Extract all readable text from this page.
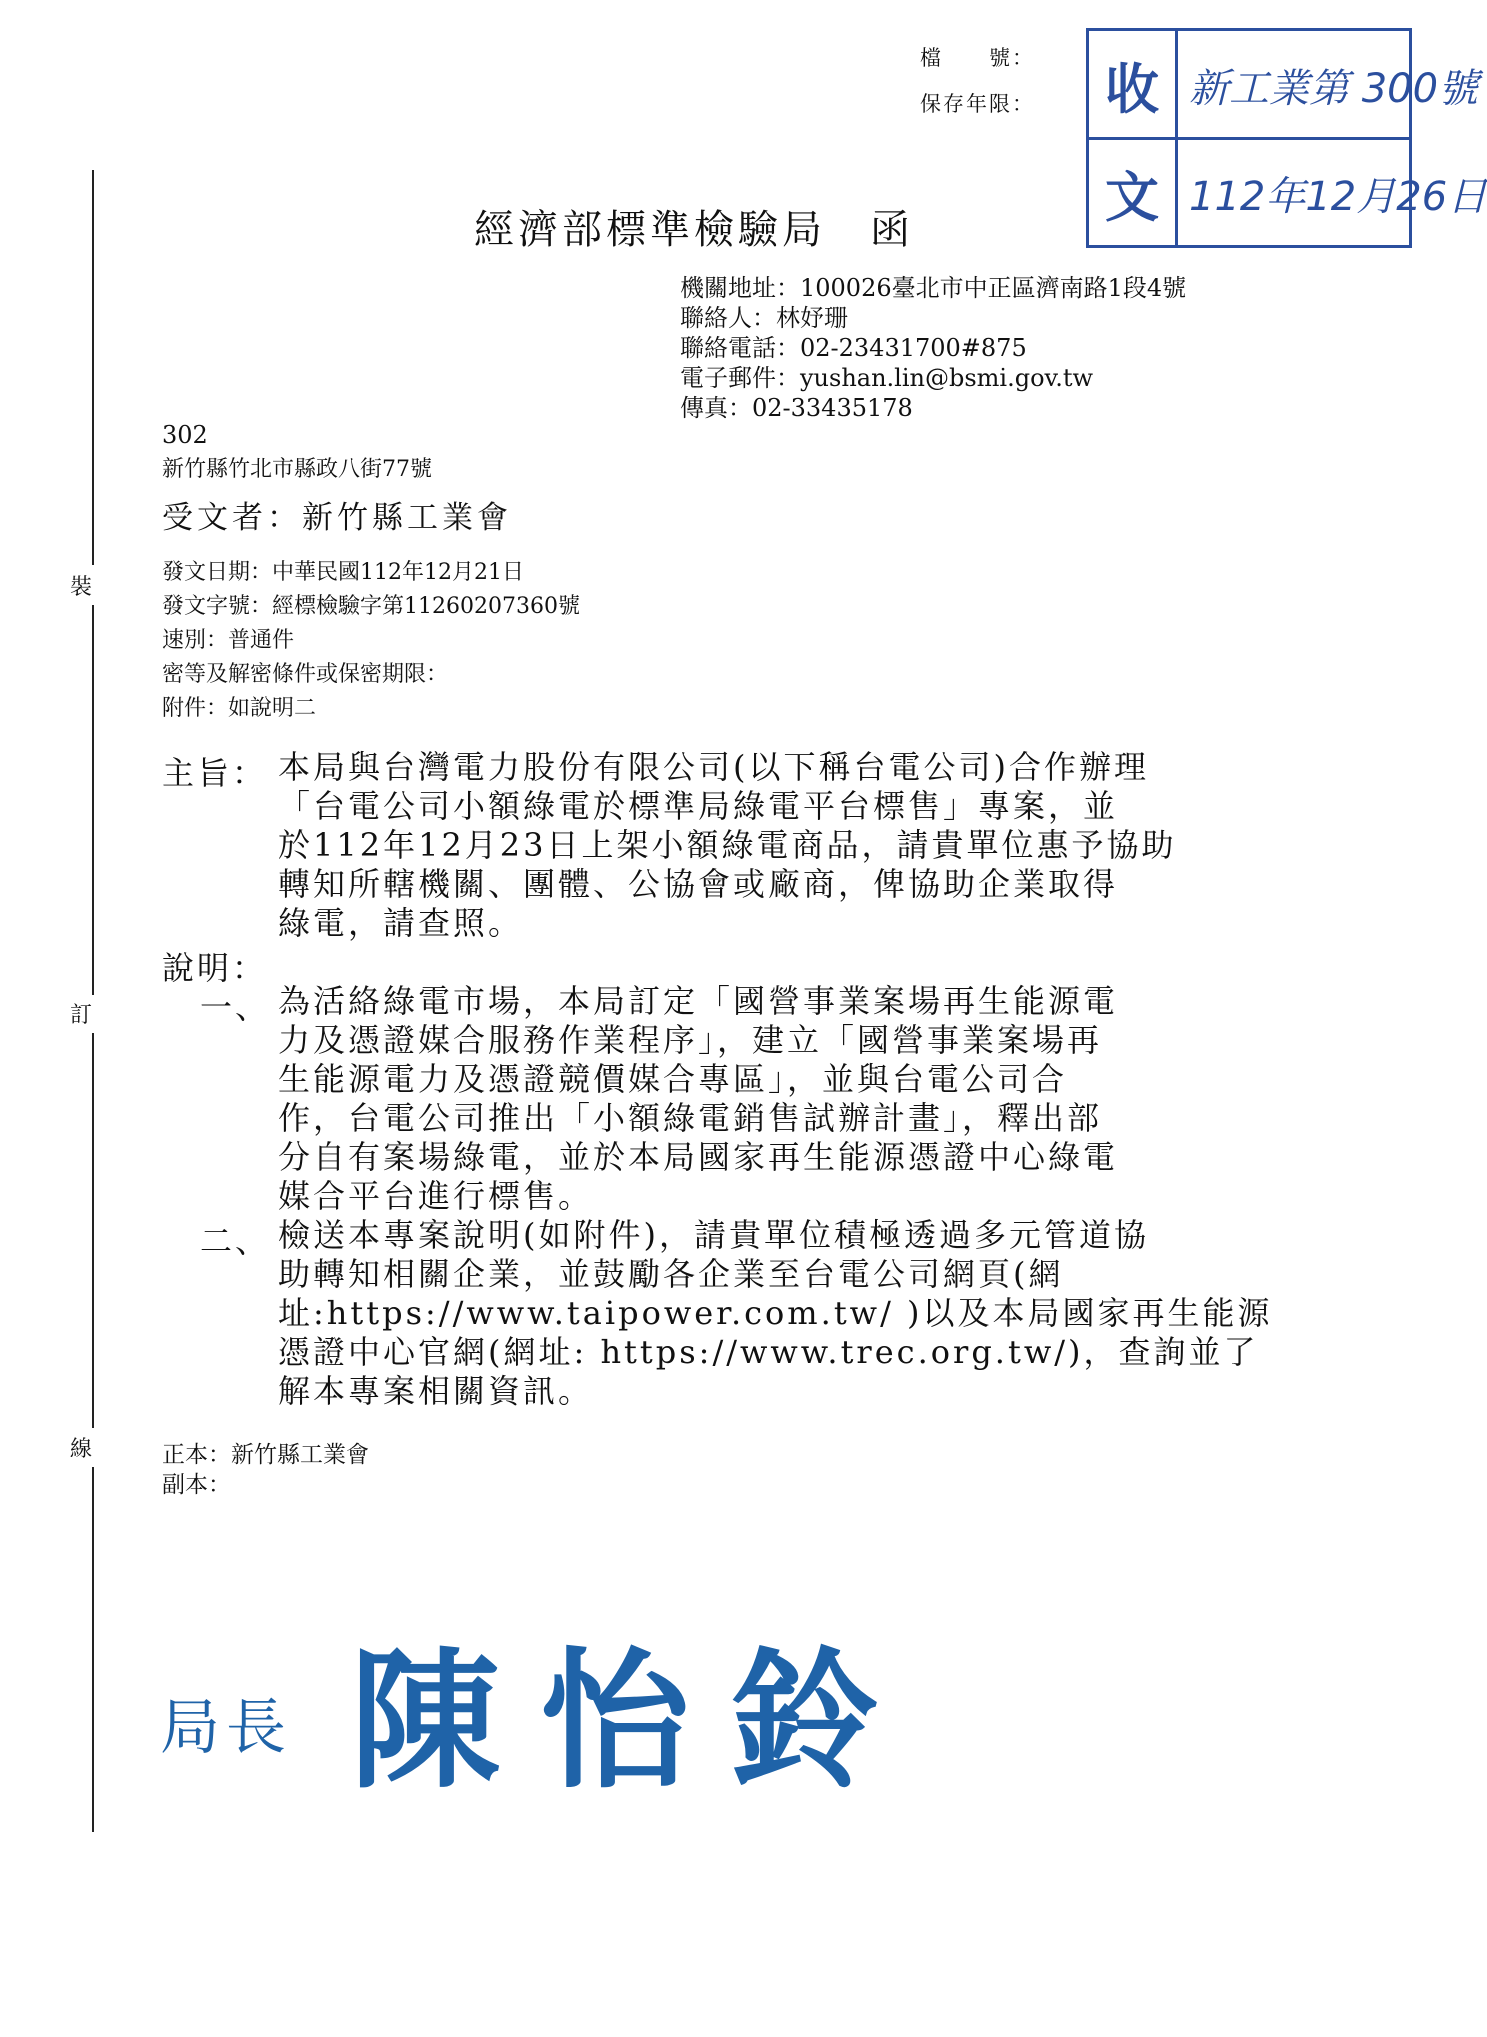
裝
訂
線
檔　　號：
保存年限： 收
文
新工業第 300號
112年12月26日
經濟部標準檢驗局　函
機關地址：100026臺北市中正區濟南路1段4號
聯絡人：林妤珊
聯絡電話：02-23431700#875
電子郵件：yushan.lin@bsmi.gov.tw
傳真：02-33435178
302
新竹縣竹北市縣政八街77號
受文者：新竹縣工業會
發文日期：中華民國112年12月21日
發文字號：經標檢驗字第11260207360號
速別：普通件
密等及解密條件或保密期限：
附件：如說明二
主旨： 本局與台灣電力股份有限公司(以下稱台電公司)合作辦理
「台電公司小額綠電於標準局綠電平台標售」專案，並
於112年12月23日上架小額綠電商品，請貴單位惠予協助
轉知所轄機關、團體、公協會或廠商，俾協助企業取得
綠電，請查照。
說明：
一、 為活絡綠電市場，本局訂定「國營事業案場再生能源電
力及憑證媒合服務作業程序」，建立「國營事業案場再
生能源電力及憑證競價媒合專區」，並與台電公司合
作，台電公司推出「小額綠電銷售試辦計畫」，釋出部
分自有案場綠電，並於本局國家再生能源憑證中心綠電
媒合平台進行標售。
二、 檢送本專案說明(如附件)，請貴單位積極透過多元管道協
助轉知相關企業，並鼓勵各企業至台電公司網頁(網
址:https://www.taipower.com.tw/ )以及本局國家再生能源
憑證中心官網(網址: https://www.trec.org.tw/)，查詢並了
解本專案相關資訊。
正本：新竹縣工業會
副本：
局長 陳怡鈴
